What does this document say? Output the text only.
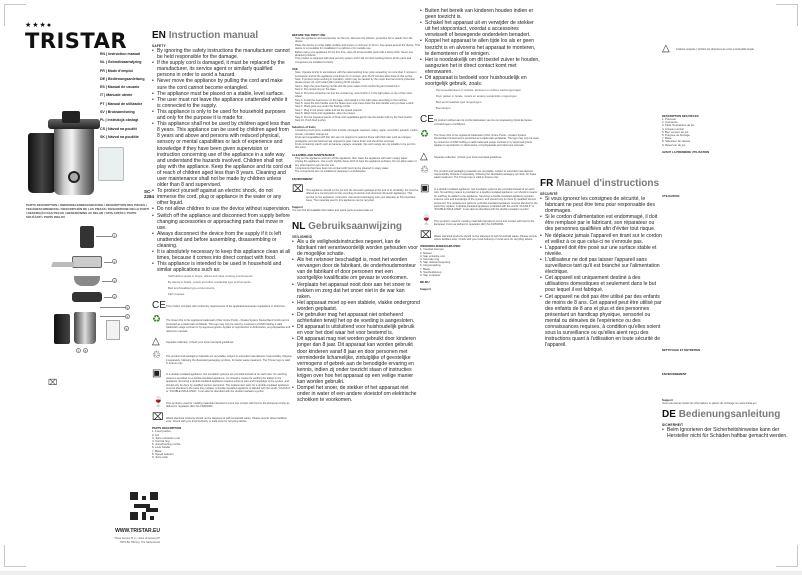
★★★●
TRISTAR
EN | Instruction manual
NL | Gebruiksaanwijzing
FR | Mode d'emploi
DE | Bedienungsanleitung
ES | Manual de usuario
IT | Manuale utente
PT | Manual de utilizador
SV | Bruksanvisning
PL | Instrukcja obsługi
CS | Návod na použití
SK | Návod na použitie
SC-2284
PARTS DESCRIPTION / ONDERDELENBESCHRIJVING / DESCRIPTION DES PIÈCES / TEILEBESCHREIBUNG / DESCRIPCIÓN DE LAS PIEZAS / DESCRIZIONE DELLE PARTI / DESCRIÇÃO DAS PEÇAS / BESKRIVNING AV DELAR / OPIS CZĘŚCI / POPIS SOUČÁSTÍ / POPIS DIELOV
1
2
3
4
5
6
9
7	8
⌧
WWW.TRISTAR.EU
Tristar Europe B.V. | Jules Verneweg 87
5015 BH Tilburg | The Netherlands
EN Instruction manual
SAFETY
• By ignoring the safety instructions the manufacturer cannot be held responsible for the damage.
• If the supply cord is damaged, it must be replaced by the manufacturer, its service agent or similarly qualified persons in order to avoid a hazard.
• Never move the appliance by pulling the cord and make sure the cord cannot become entangled.
• The appliance must be placed on a stable, level surface.
• The user must not leave the appliance unattended while it is connected to the supply.
• This appliance is only to be used for household purposes and only for the purpose it is made for.
• This appliance shall not be used by children aged less than 8 years. This appliance can be used by children aged from 8 years and above and persons with reduced physical, sensory or mental capabilities or lack of experience and knowledge if they have been given supervision or instruction concerning use of the appliance in a safe way and understand the hazards involved. Children shall not play with the appliance. Keep the appliance and its cord out of reach of children aged less than 8 years. Cleaning and user maintenance shall not be made by children unless older than 8 and supervised.
• To protect yourself against an electric shock, do not immerse the cord, plug or appliance in the water or any other liquid.
• Do not allow children to use the device without supervision.
• Switch off the appliance and disconnect from supply before changing accessories or approaching parts that move in use.
• Always disconnect the device from the supply if it is left unattended and before assembling, disassembling or cleaning.
• It is absolutely necessary to keep this appliance clean at all times, because it comes into direct contact with food.
• This appliance is intended to be used in household and similar applications such as:
Staff kitchen areas in shops, offices and other working environments.
By clients in hotels, motels and other residential type environments.
Bed and breakfast type environments.
Farm houses.
CE This product complies with conformity requirements of the applicable European regulations or directives.
♻	The Green Dot is the registered trademark of Der Grüne Punkt – Duales System Deutschland GmbH and is protected as a trademark worldwide. The logo may only be used by customers of DSD holding a valid trademark usage contract or by approved grants. Applies to reproduction in dictionaries, encyclopaedias and reference manuals.
△	Separate collection | Check your local municipal guidelines.
♲	The product and packaging materials are recyclable, subject to extended manufacturer responsibility. Dispose it separately, following the illustrated packaging symbols, for better waste treatment. The Triman logo is valid in France only.
▣	In a double insulated appliance, two insulation systems are provided instead of an earth wire. No earthing means is provided on a double-insulated appliance, nor should a means for earthing be added to the appliance. Servicing a double-insulated appliance requires extreme care and knowledge of the system, and should only be done by qualified service personnel. The replacement parts for a double-insulated appliance must be identical to the parts they replace. A double-insulated appliance is labeled with the words "CLASS II" or "DOUBLE INSULATED". It can also be identified with the double insulation symbol.
🍷 This symbol is used for marking materials intended to come into contact with food in the European Union as defined in regulation (EC) No 1935/2004.
⌧ Waste electrical products should not be disposed of with household waste. Please recycle where facilities exist. Check with your local Authority or local store for recycling advice.
PARTS DESCRIPTION
1. Food pusher
2. Lid
3. Juice extraction unit
4. Central ring
5. Juice/frosting nozzle
6. Lock handle
7. Base
8. Speed selector
9. Juice tank
BEFORE THE FIRST USE
Take the appliance and accessories out the box. Remove the stickers, protective foil or plastic from the device.
Place the device on a flat stable surface and ensure a minimum of 10 cm. free space around the device. This device is not suitable for installation in a cabinet or for outside use.
Before using your appliance for the first time, wipe off all removable parts with a damp cloth. Never use abrasive products.
This product is equipped with dual security system and it will not start working before all the parts and component are installed correctly.
USE
Note: Operate strictly in accordance with the rated working time: juice squeezing no more than 1 minute in succession and let the appliance cool down for 2 minutes, plus 15-20 minutes after three of this cycles.
Note: If product stops working in operation, which may be caused by the motor thermal control protection, please power off, and restart after cooling 20-30 minutes.
Step 1. Align the juice flowing nozzle with the juice outlet of the central ring and install them.
Step 2. Put central ring on the base.
Step 3. Put juice extraction net into the central ring, and confirm it in the right place on top of the motor wheel.
Step 4. Install the head cover on the base, and install it in the right place according to the notches.
Step 5. Hook the lock handle onto the head cover and press down the lock handle until you hear a click.
Step 6. Place juice cup under the flowing nozzle.
Step 7. Plug in the power cable and set the speed selector.
Step 8. Wash fruits and vegetables, slice into pieces.
Step 9. Put the prepared pieces of fruits and vegetables gently into the feeder tube by the food pusher.
Step 10. Push food pusher.
Selection of fruits
Containing much juice, suitable fruits include: pineapple, beetroot, celery, apple, cucumber, spinach, melon, tomato, mandarin orange etc.
Fruits and vegetables with thin skin are not required to peel but those with thick skin such as oranges, pineapples and raw beetroot are required to peel. Citrus fruits' rind should be removed.
Fruits containing starch such as banana, papaya, avocado, figs and mango are not suitable to be put into this juicer.
CLEANING AND MAINTENANCE
Plug out the appliance and turn off the appliance, then clean the appliance with warm soapy water.
Unplug the appliance. Use a soft, slightly damp cloth to wipe the appliance surfaces. Do not allow water or any other liquid to get into the unit.
Components that have been into contact with food can be cleaned in soapy water.
The components are not suitable for cleaning in a dishwasher.
ENVIRONMENT
⌧ This appliance should not be put into the domestic garbage at the end of its durability, but must be offered at a central point for the recycling of electric and electronic domestic appliances. This symbol on the appliance, instruction manual and packaging puts your attention to this important issue. The materials used in this appliance can be recycled.
Support
You can find all available information and spare parts at www.tristar.eu!
NL Gebruiksaanwijzing
VEILIGHEID
• Als u de veiligheidsinstructies negeert, kan de fabrikant niet verantwoordelijk worden gehouden voor de mogelijke schade.
• Als het netsnoer beschadigd is, moet het worden vervangen door de fabrikant, de onderhoudsmonteur van de fabrikant of door personen met een soortgelijke kwalificatie om gevaar te voorkomen.
• Verplaats het apparaat nooit door aan het snoer te trekken en zorg dat het snoer niet in de war kan raken.
• Het apparaat moet op een stabiele, vlakke ondergrond worden geplaatst.
• De gebruiker mag het apparaat niet onbeheerd achterlaten terwijl het op de voeding is aangesloten.
• Dit apparaat is uitsluitend voor huishoudelijk gebruik en voor het doel waar het voor bestemd is.
• Dit apparaat mag niet worden gebruikt door kinderen jonger dan 8 jaar. Dit apparaat kan worden gebruikt door kinderen vanaf 8 jaar en door personen met verminderde lichamelijke, zintuiglijke of geestelijke vermogens of gebrek aan de benodigde ervaring en kennis, indien zij onder toezicht staan of instructies krijgen over hoe het apparaat op een veilige manier kan worden gebruikt.
• Dompel het snoer, de stekker of het apparaat niet onder in water of een andere vloeistof om elektrische schokken te voorkomen.
• Buiten het bereik van kinderen houden indien er geen toezicht is.
• Schakel het apparaat uit en verwijder de stekker uit het stopcontact, voordat u accessoires verwisselt of bewegende onderdelen benadert.
• Koppel het apparaat te allen tijde los als er geen toezicht is en alvorens het apparaat te monteren, te demonteren of te reinigen.
• Het is noodzakelijk om dit toestel zuiver te houden, aangezien het in direct contact komt met etenswaren.
• Dit apparaat is bedoeld voor huishoudelijk en soortgelijk gebruik, zoals:
Personeelskeukens in winkels, kantoren en andere werkomgevingen.
Door gasten in hotels, motels en andere residentiële omgevingen.
Bed-and-breakfast-type omgevingen.
Boerderijen.
CE Dit product voldoet aan de conformiteitseisen van de van toepassing zijnde Europese verordeningen of richtlijnen.
♻	The Green Dot is the registered trademark of Der Grüne Punkt – Duales System Deutschland GmbH and is protected as a trademark worldwide. The logo may only be used by customers of DSD holding a valid trademark usage contract or by approved grants. Applies to reproduction in dictionaries, encyclopaedias and reference manuals.
△	Separate collection | Check your local municipal guidelines.
♲	The product and packaging materials are recyclable, subject to extended manufacturer responsibility. Dispose it separately, following the illustrated packaging symbols, for better waste treatment. The Triman logo is valid in France only.
▣	In a double insulated appliance, two insulation systems are provided instead of an earth wire. No earthing means is provided on a double-insulated appliance, nor should a means for earthing be added to the appliance. Servicing a double-insulated appliance requires extreme care and knowledge of the system, and should only be done by qualified service personnel. The replacement parts for a double-insulated appliance must be identical to the parts they replace. A double-insulated appliance is labeled with the words "CLASS II" or "DOUBLE INSULATED". It can also be identified with the double insulation symbol.
🍷 This symbol is used for marking materials intended to come into contact with food in the European Union as defined in regulation (EC) No 1935/2004.
⌧ Waste electrical products should not be disposed of with household waste. Please recycle where facilities exist. Check with your local Authority or local store for recycling advice.
ONDERDELENBESCHRIJVING
1. Voedsel stamper
2. Deksel
3. Sap extractie unit
4. Centrale ring
5. Sap uitstroomopening
6. Vergrendeling
7. Basis
8. Snelheidsknop
9. Sap container
MILIEU
Support
FR Manuel d'instructions
SÉCURITÉ
• Si vous ignorez les consignes de sécurité, le fabricant ne peut être tenu pour responsable des dommages.
• Si le cordon d'alimentation est endommagé, il doit être remplacé par le fabricant, son réparateur ou des personnes qualifiées afin d'éviter tout risque.
• Ne déplacez jamais l'appareil en tirant sur le cordon et veillez à ce que celui-ci ne s'enroule pas.
• L'appareil doit être posé sur une surface stable et nivelée.
• L'utilisateur ne doit pas laisser l'appareil sans surveillance tant qu'il est branché sur l'alimentation électrique.
• Cet appareil est uniquement destiné à des utilisations domestiques et seulement dans le but pour lequel il est fabriqué.
• Cet appareil ne doit pas être utilisé par des enfants de moins de 8 ans. Cet appareil peut être utilisé par des enfants de 8 ans et plus et des personnes présentant un handicap physique, sensoriel ou mental ou dénuées de l'expérience ou des connaissances requises, à condition qu'elles soient sous la surveillance ou qu'elles aient reçu des instructions quant à l'utilisation en toute sécurité de l'appareil.
△	Collecte séparée | Vérifiez les directives de votre municipalité locale.
DESCRIPTION DES PIÈCES
1. Poussoir
2. Couvercle
3. Filtre d'extraction de jus
4. Anneau central
5. Bec verseur de jus
6. Poignée de blocage
7. Base
8. Sélecteur de vitesse
9. Réservoir de jus
AVANT LA PREMIÈRE UTILISATION
UTILISATION
NETTOYAGE ET ENTRETIEN
ENVIRONNEMENT
Support
Vous retrouverez toutes les informations et pièces de rechange sur www.tristar.eu !
DE Bedienungsanleitung
SICHERHEIT
• Beim Ignorieren der Sicherheitshinweise kann der Hersteller nicht für Schäden haftbar gemacht werden.
